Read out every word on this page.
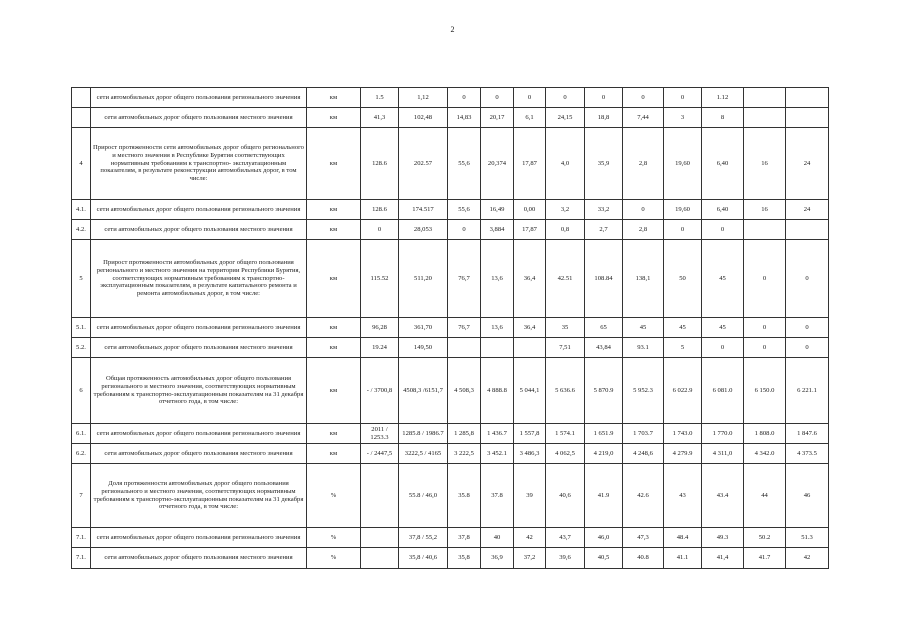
2
	сети автомобильных дорог общего пользования регионального значения	км	1.5	1,12	0	0	0	0	0	0	0	1.12		
	сети автомобильных дорог общего пользования местного значения	км	41,3	102,48	14,83	20,17	6,1	24,15	18,8	7,44	3	8		
4	Прирост протяженности сети автомобильных дорог общего регионального и местного значения в Республике Бурятия соответствующих нормативным требованиям к транспортно- эксплуатационным показателям, в результате реконструкции автомобильных дорог, в том числе:	км	128.6	202.57	55,6	20,374	17,87	4,0	35,9	2,8	19,60	6,40	16	24
4.1.	сети автомобильных дорог общего пользования регионального значения	км	128.6	174.517	55,6	16,49	0,00	3,2	33,2	0	19,60	6,40	16	24
4.2.	сети автомобильных дорог общего пользования местного значения	км	0	28,053	0	3,884	17,87	0,8	2,7	2,8	0	0		
5	Прирост протяженности автомобильных дорог общего пользования регионального и местного значения на территории Республики Бурятия, соответствующих нормативным требованиям к транспортно-эксплуатационным показателям, в результате капитального ремонта и ремонта автомобильных дорог, в том числе:	км	115.52	511,20	76,7	13,6	36,4	42.51	108.84	138,1	50	45	0	0
5.1.	сети автомобильных дорог общего пользования регионального значения	км	96,28	361,70	76,7	13,6	36,4	35	65	45	45	45	0	0
5.2.	сети автомобильных дорог общего пользования местного значения	км	19.24	149,50				7,51	43,84	93.1	5	0	0	0
6	Общая протяженность автомобильных дорог общего пользования регионального и местного значения, соответствующих нормативным требованиям к транспортно-эксплуатационным показателям на 31 декабря отчетного года, в том числе:	км	- / 3700,8	4508,3 /6151,7	4 508,3	4 888.8	5 044,1	5 636.6	5 870.9	5 952.3	6 022.9	6 081.0	6 150.0	6 221.1
6.1.	сети автомобильных дорог общего пользования регионального значения	км	2011 / 1253.3	1285.8 / 1986.7	1 285,8	1 436.7	1 557,8	1 574.1	1 651.9	1 703.7	1 743.0	1 770.0	1 808.0	1 847.6
6.2.	сети автомобильных дорог общего пользования местного значения	км	- / 2447,5	3222,5 / 4165	3 222,5	3 452.1	3 486,3	4 062,5	4 219,0	4 248,6	4 279.9	4 311,0	4 342.0	4 373.5
7	Доля протяженности автомобильных дорог общего пользования регионального и местного значения, соответствующих нормативным требованиям к транспортно-эксплуатационным показателям на 31 декабря отчетного года, в том числе:	%		55.8 / 46,0	35.8	37.8	39	40,6	41.9	42.6	43	43.4	44	46
7.1.	сети автомобильных дорог общего пользования регионального значения	%		37,8 / 55,2	37,8	40	42	43,7	46,0	47,3	48.4	49.3	50.2	51.3
7.1.	сети автомобильных дорог общего пользования местного значения	%		35,8 / 40,6	35,8	36,9	37,2	39,6	40,5	40.8	41.1	41,4	41.7	42
